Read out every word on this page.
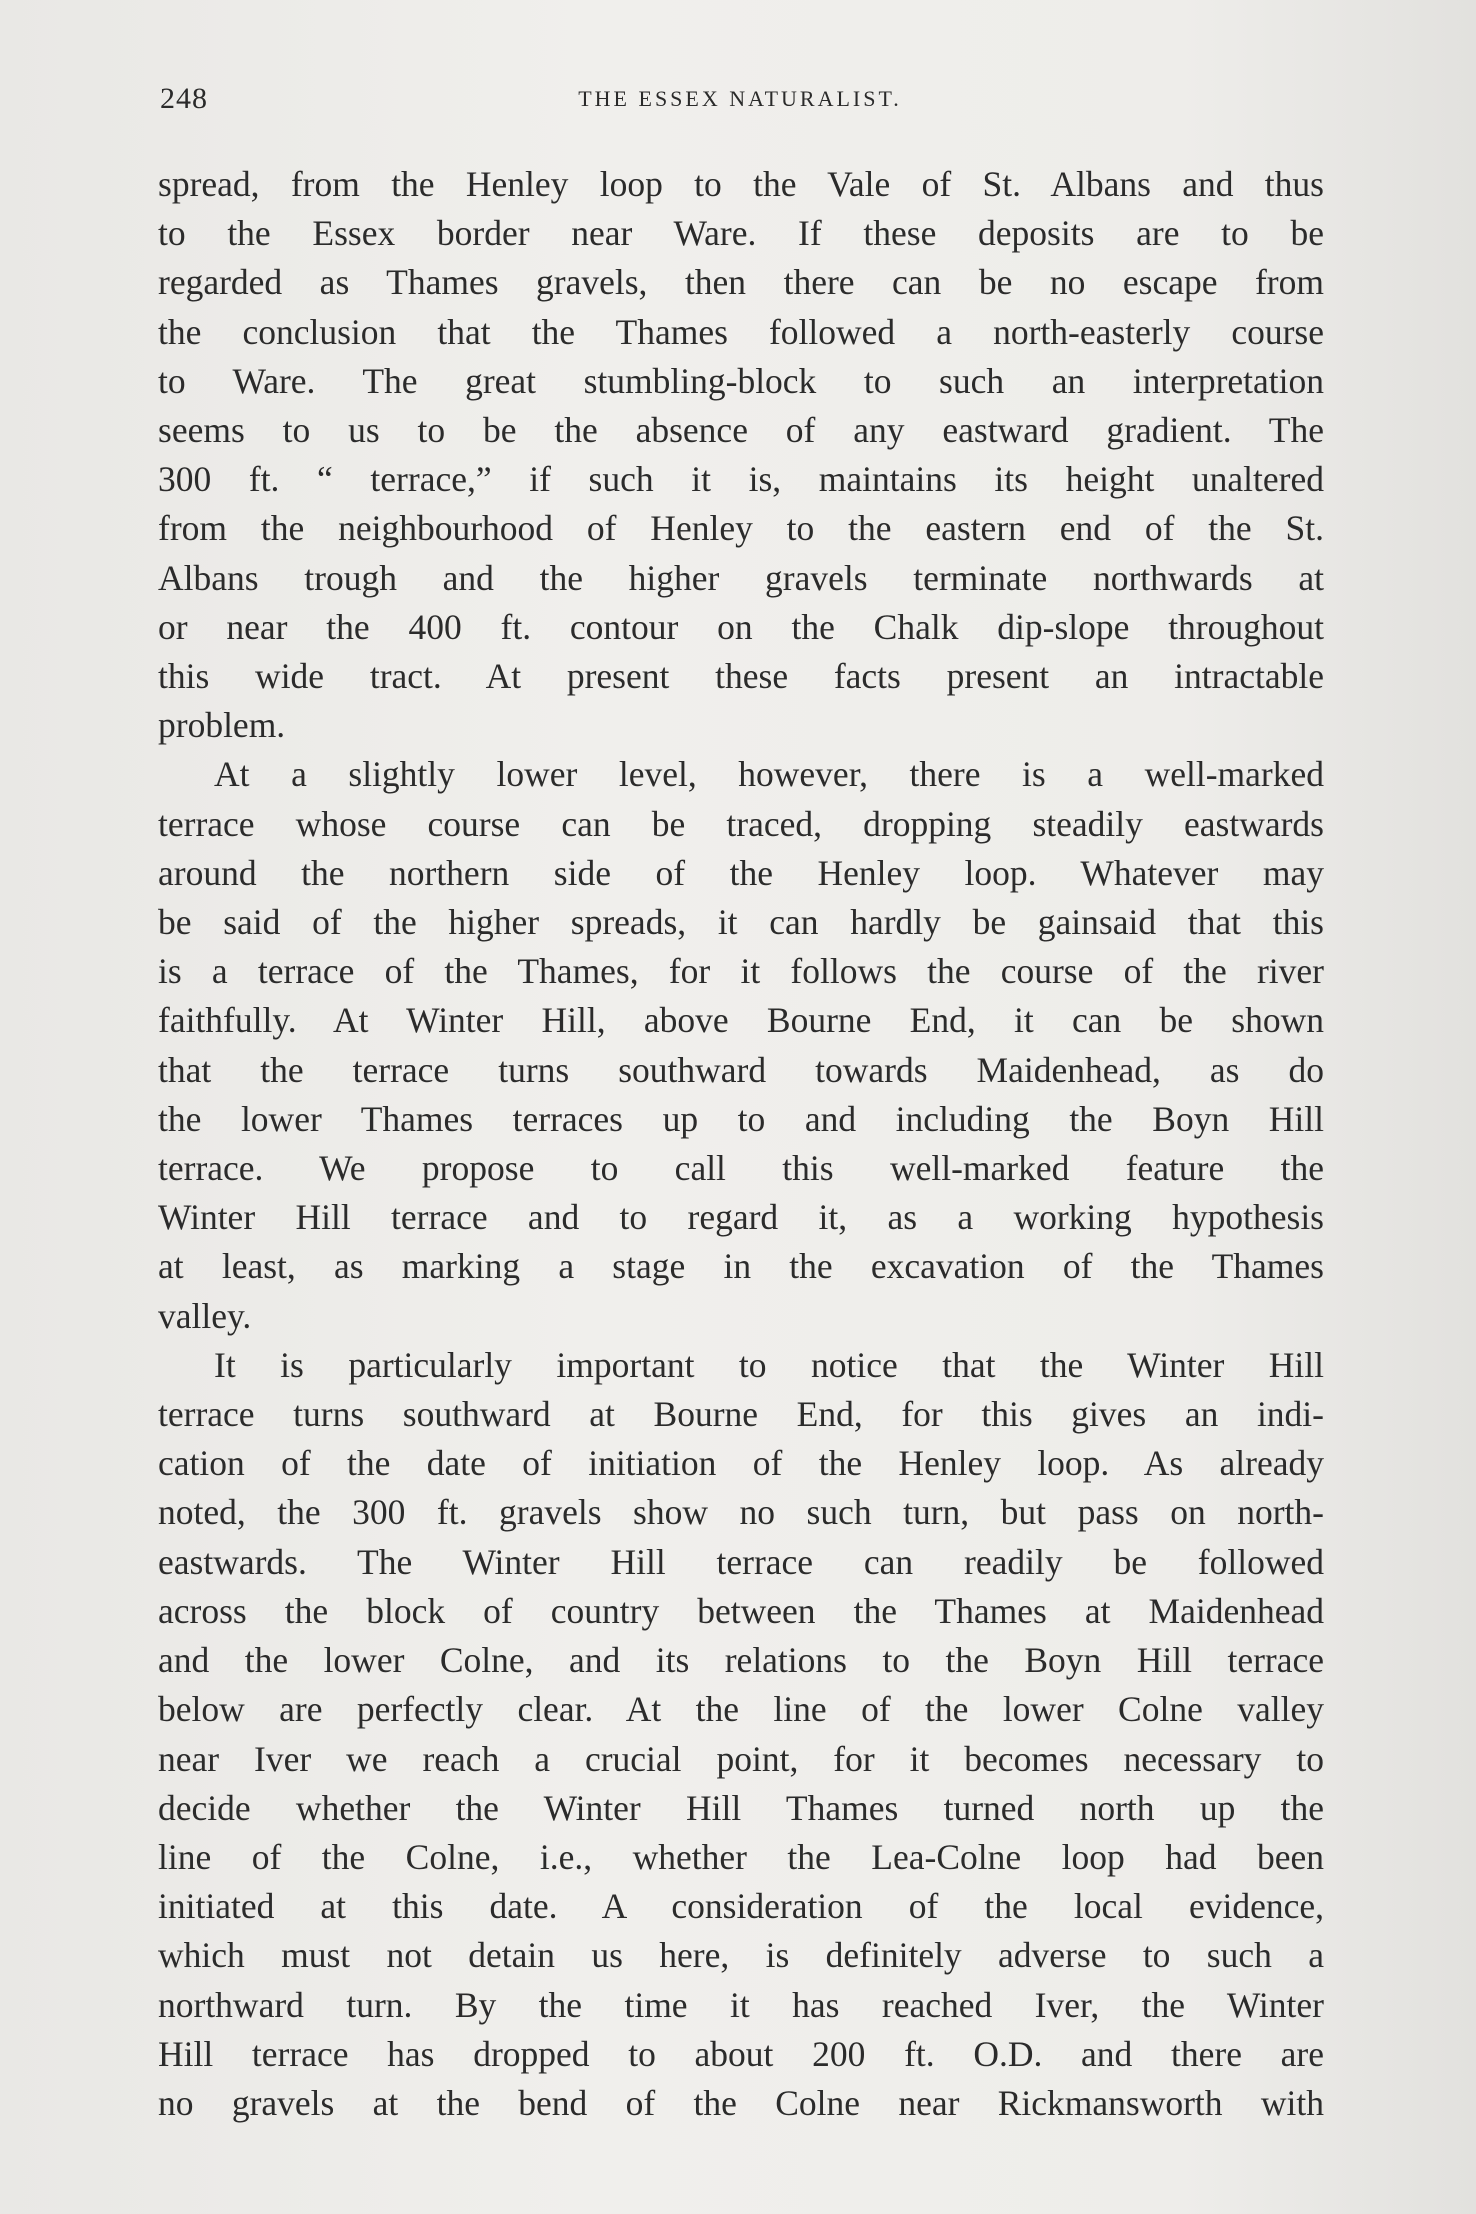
248	THE ESSEX NATURALIST.
spread, from the Henley loop to the Vale of St. Albans and thus
to the Essex border near Ware. If these deposits are to be
regarded as Thames gravels, then there can be no escape from
the conclusion that the Thames followed a north-easterly course
to Ware. The great stumbling-block to such an interpretation
seems to us to be the absence of any eastward gradient. The
300 ft. “ terrace,” if such it is, maintains its height unaltered
from the neighbourhood of Henley to the eastern end of the St.
Albans trough and the higher gravels terminate northwards at
or near the 400 ft. contour on the Chalk dip-slope throughout
this wide tract. At present these facts present an intractable
problem.
At a slightly lower level, however, there is a well-marked
terrace whose course can be traced, dropping steadily eastwards
around the northern side of the Henley loop. Whatever may
be said of the higher spreads, it can hardly be gainsaid that this
is a terrace of the Thames, for it follows the course of the river
faithfully. At Winter Hill, above Bourne End, it can be shown
that the terrace turns southward towards Maidenhead, as do
the lower Thames terraces up to and including the Boyn Hill
terrace. We propose to call this well-marked feature the
Winter Hill terrace and to regard it, as a working hypothesis
at least, as marking a stage in the excavation of the Thames
valley.
It is particularly important to notice that the Winter Hill
terrace turns southward at Bourne End, for this gives an indi-
cation of the date of initiation of the Henley loop. As already
noted, the 300 ft. gravels show no such turn, but pass on north-
eastwards. The Winter Hill terrace can readily be followed
across the block of country between the Thames at Maidenhead
and the lower Colne, and its relations to the Boyn Hill terrace
below are perfectly clear. At the line of the lower Colne valley
near Iver we reach a crucial point, for it becomes necessary to
decide whether the Winter Hill Thames turned north up the
line of the Colne, i.e., whether the Lea-Colne loop had been
initiated at this date. A consideration of the local evidence,
which must not detain us here, is definitely adverse to such a
northward turn. By the time it has reached Iver, the Winter
Hill terrace has dropped to about 200 ft. O.D. and there are
no gravels at the bend of the Colne near Rickmansworth with
